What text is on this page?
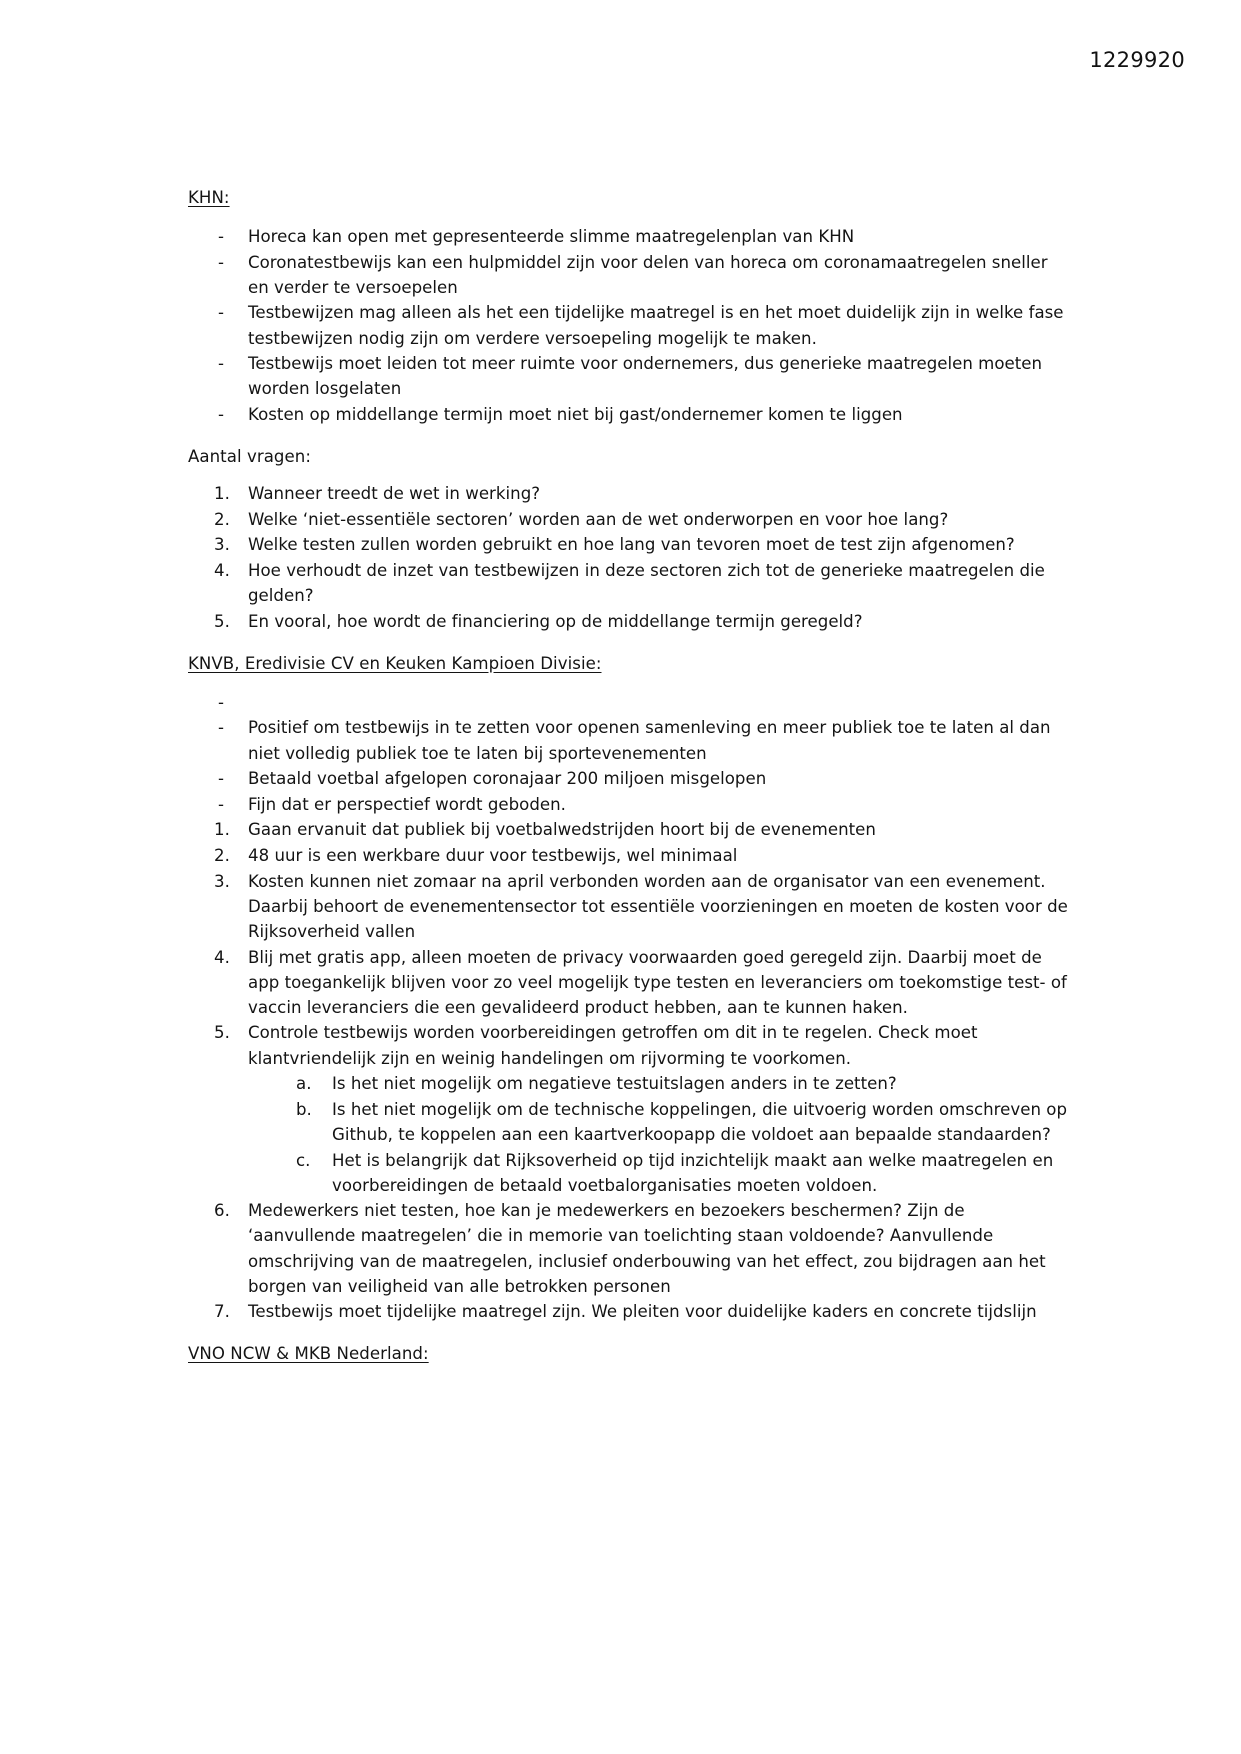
1229920
KHN:
-	Horeca kan open met gepresenteerde slimme maatregelenplan van KHN
-	Coronatestbewijs kan een hulpmiddel zijn voor delen van horeca om coronamaatregelen sneller en verder te versoepelen
-	Testbewijzen mag alleen als het een tijdelijke maatregel is en het moet duidelijk zijn in welke fase testbewijzen nodig zijn om verdere versoepeling mogelijk te maken.
-	Testbewijs moet leiden tot meer ruimte voor ondernemers, dus generieke maatregelen moeten worden losgelaten
-	Kosten op middellange termijn moet niet bij gast/ondernemer komen te liggen
Aantal vragen:
1.	Wanneer treedt de wet in werking?
2.	Welke ‘niet-essentiële sectoren’ worden aan de wet onderworpen en voor hoe lang?
3.	Welke testen zullen worden gebruikt en hoe lang van tevoren moet de test zijn afgenomen?
4.	Hoe verhoudt de inzet van testbewijzen in deze sectoren zich tot de generieke maatregelen die gelden?
5.	En vooral, hoe wordt de financiering op de middellange termijn geregeld?
KNVB, Eredivisie CV en Keuken Kampioen Divisie:
-
-	Positief om testbewijs in te zetten voor openen samenleving en meer publiek toe te laten al dan niet volledig publiek toe te laten bij sportevenementen
-	Betaald voetbal afgelopen coronajaar 200 miljoen misgelopen
-	Fijn dat er perspectief wordt geboden.
1.	Gaan ervanuit dat publiek bij voetbalwedstrijden hoort bij de evenementen
2.	48 uur is een werkbare duur voor testbewijs, wel minimaal
3.	Kosten kunnen niet zomaar na april verbonden worden aan de organisator van een evenement. Daarbij behoort de evenementensector tot essentiële voorzieningen en moeten de kosten voor de Rijksoverheid vallen
4.	Blij met gratis app, alleen moeten de privacy voorwaarden goed geregeld zijn. Daarbij moet de app toegankelijk blijven voor zo veel mogelijk type testen en leveranciers om toekomstige test- of vaccin leveranciers die een gevalideerd product hebben, aan te kunnen haken.
5.	Controle testbewijs worden voorbereidingen getroffen om dit in te regelen. Check moet klantvriendelijk zijn en weinig handelingen om rijvorming te voorkomen.
a.	Is het niet mogelijk om negatieve testuitslagen anders in te zetten?
b.	Is het niet mogelijk om de technische koppelingen, die uitvoerig worden omschreven op Github, te koppelen aan een kaartverkoopapp die voldoet aan bepaalde standaarden?
c.	Het is belangrijk dat Rijksoverheid op tijd inzichtelijk maakt aan welke maatregelen en voorbereidingen de betaald voetbalorganisaties moeten voldoen.
6.	Medewerkers niet testen, hoe kan je medewerkers en bezoekers beschermen? Zijn de ‘aanvullende maatregelen’ die in memorie van toelichting staan voldoende? Aanvullende omschrijving van de maatregelen, inclusief onderbouwing van het effect, zou bijdragen aan het borgen van veiligheid van alle betrokken personen
7.	Testbewijs moet tijdelijke maatregel zijn. We pleiten voor duidelijke kaders en concrete tijdslijn
VNO NCW & MKB Nederland:
